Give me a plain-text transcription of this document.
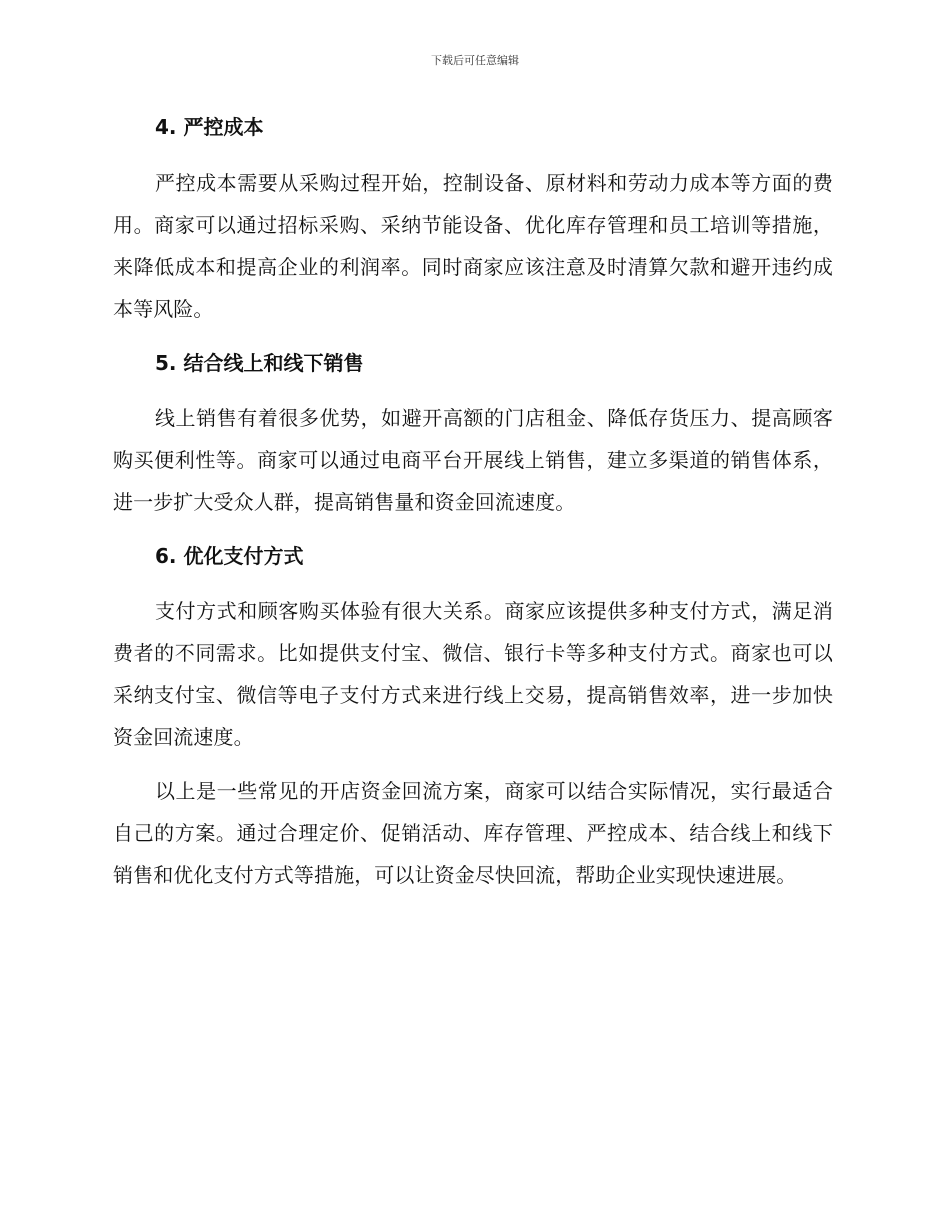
下载后可任意编辑
4. 严控成本

严控成本需要从采购过程开始，控制设备、原材料和劳动力成本等方面的费用。商家可以通过招标采购、采纳节能设备、优化库存管理和员工培训等措施，来降低成本和提高企业的利润率。同时商家应该注意及时清算欠款和避开违约成本等风险。

5. 结合线上和线下销售

线上销售有着很多优势，如避开高额的门店租金、降低存货压力、提高顾客购买便利性等。商家可以通过电商平台开展线上销售，建立多渠道的销售体系，进一步扩大受众人群，提高销售量和资金回流速度。

6. 优化支付方式

支付方式和顾客购买体验有很大关系。商家应该提供多种支付方式，满足消费者的不同需求。比如提供支付宝、微信、银行卡等多种支付方式。商家也可以采纳支付宝、微信等电子支付方式来进行线上交易，提高销售效率，进一步加快资金回流速度。

以上是一些常见的开店资金回流方案，商家可以结合实际情况，实行最适合自己的方案。通过合理定价、促销活动、库存管理、严控成本、结合线上和线下销售和优化支付方式等措施，可以让资金尽快回流，帮助企业实现快速进展。
